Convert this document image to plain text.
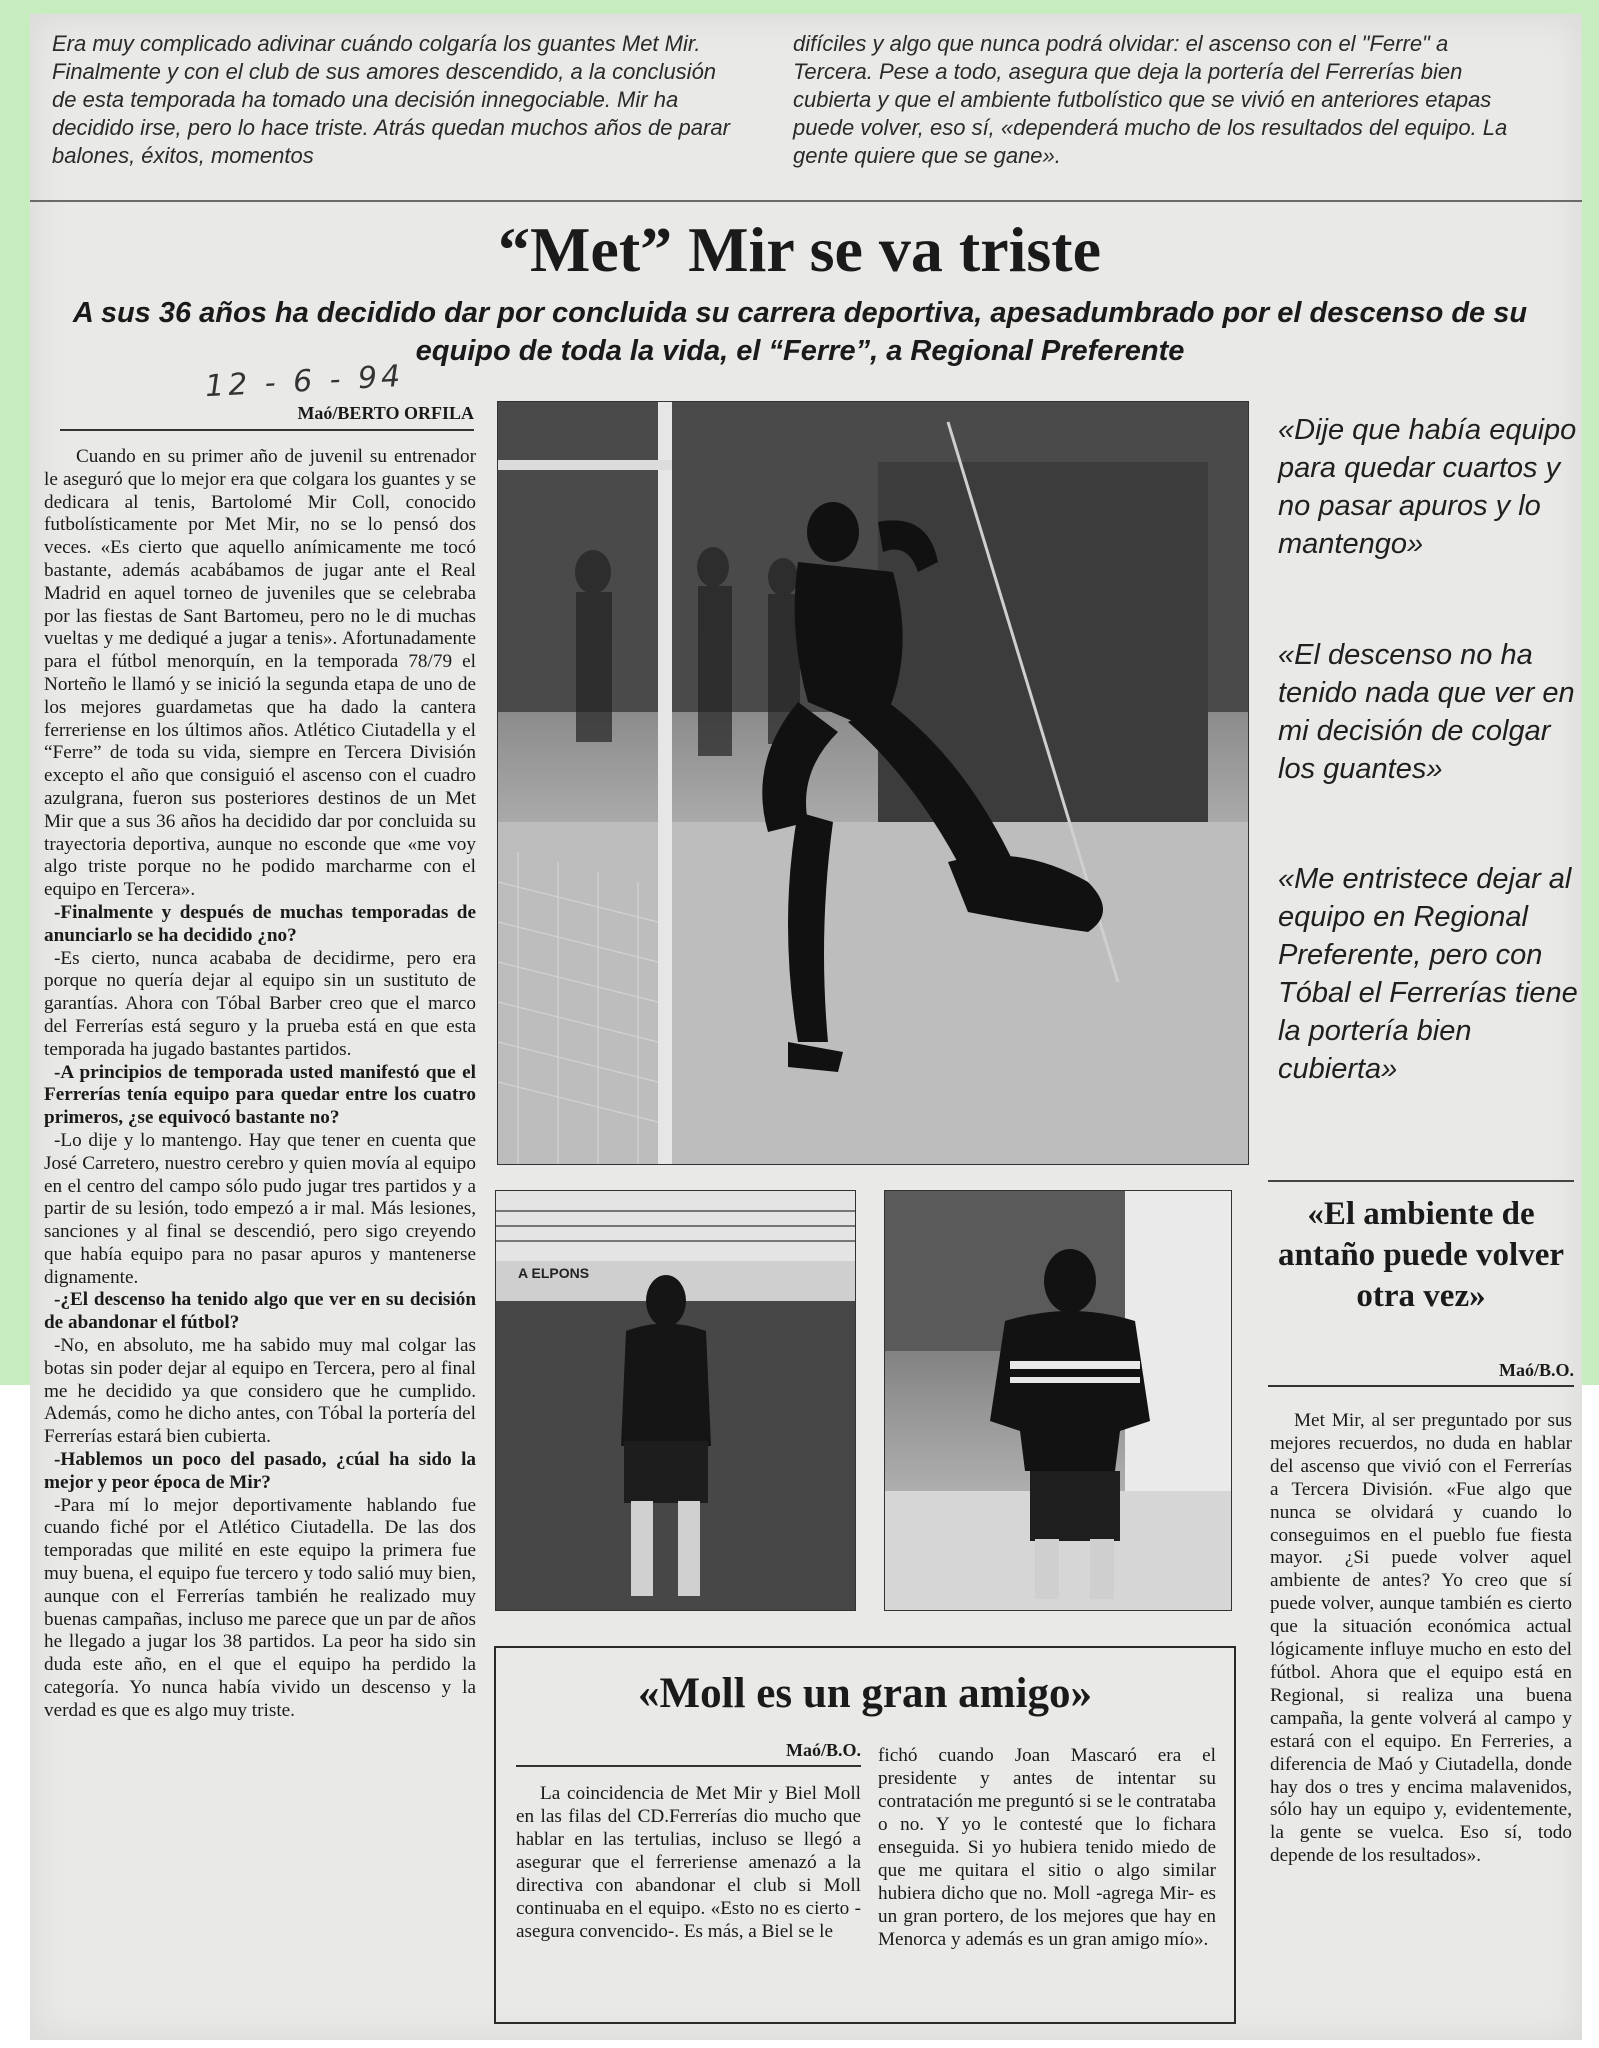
Era muy complicado adivinar cuándo colgaría los guantes Met Mir. Finalmente y con el club de sus amores descendido, a la conclusión de esta temporada ha tomado una decisión innegociable. Mir ha decidido irse, pero lo hace triste. Atrás quedan muchos años de parar balones, éxitos, momentos
difíciles y algo que nunca podrá olvidar: el ascenso con el "Ferre" a Tercera. Pese a todo, asegura que deja la portería del Ferrerías bien cubierta y que el ambiente futbolístico que se vivió en anteriores etapas puede volver, eso sí, «dependerá mucho de los resultados del equipo. La gente quiere que se gane».
“Met” Mir se va triste
A sus 36 años ha decidido dar por concluida su carrera deportiva, apesadumbrado por el descenso de su equipo de toda la vida, el “Ferre”, a Regional Preferente
12 - 6 - 94
Maó/BERTO ORFILA

Cuando en su primer año de juvenil su entrenador le aseguró que lo mejor era que colgara los guantes y se dedicara al tenis, Bartolomé Mir Coll, conocido futbolísticamente por Met Mir, no se lo pensó dos veces. «Es cierto que aquello anímicamente me tocó bastante, además acabábamos de jugar ante el Real Madrid en aquel torneo de juveniles que se celebraba por las fiestas de Sant Bartomeu, pero no le di muchas vueltas y me dediqué a jugar a tenis». Afortunadamente para el fútbol menorquín, en la temporada 78/79 el Norteño le llamó y se inició la segunda etapa de uno de los mejores guardametas que ha dado la cantera ferreriense en los últimos años. Atlético Ciutadella y el “Ferre” de toda su vida, siempre en Tercera División excepto el año que consiguió el ascenso con el cuadro azulgrana, fueron sus posteriores destinos de un Met Mir que a sus 36 años ha decidido dar por concluida su trayectoria deportiva, aunque no esconde que «me voy algo triste porque no he podido marcharme con el equipo en Tercera».

-Finalmente y después de muchas temporadas de anunciarlo se ha decidido ¿no?

-Es cierto, nunca acababa de decidirme, pero era porque no quería dejar al equipo sin un sustituto de garantías. Ahora con Tóbal Barber creo que el marco del Ferrerías está seguro y la prueba está en que esta temporada ha jugado bastantes partidos.

-A principios de temporada usted manifestó que el Ferrerías tenía equipo para quedar entre los cuatro primeros, ¿se equivocó bastante no?

-Lo dije y lo mantengo. Hay que tener en cuenta que José Carretero, nuestro cerebro y quien movía al equipo en el centro del campo sólo pudo jugar tres partidos y a partir de su lesión, todo empezó a ir mal. Más lesiones, sanciones y al final se descendió, pero sigo creyendo que había equipo para no pasar apuros y mantenerse dignamente.

-¿El descenso ha tenido algo que ver en su decisión de abandonar el fútbol?

-No, en absoluto, me ha sabido muy mal colgar las botas sin poder dejar al equipo en Tercera, pero al final me he decidido ya que considero que he cumplido. Además, como he dicho antes, con Tóbal la portería del Ferrerías estará bien cubierta.

-Hablemos un poco del pasado, ¿cúal ha sido la mejor y peor época de Mir?

-Para mí lo mejor deportivamente hablando fue cuando fiché por el Atlético Ciutadella. De las dos temporadas que milité en este equipo la primera fue muy buena, el equipo fue tercero y todo salió muy bien, aunque con el Ferrerías también he realizado muy buenas campañas, incluso me parece que un par de años he llegado a jugar los 38 partidos. La peor ha sido sin duda este año, en el que el equipo ha perdido la categoría. Yo nunca había vivido un descenso y la verdad es que es algo muy triste.

A ELPONS
«Dije que había equipo para quedar cuartos y no pasar apuros y lo mantengo»
«El descenso no ha tenido nada que ver en mi decisión de colgar los guantes»
«Me entristece dejar al equipo en Regional Preferente, pero con Tóbal el Ferrerías tiene la portería bien cubierta»
«El ambiente de antaño puede volver otra vez»
Maó/B.O.

Met Mir, al ser preguntado por sus mejores recuerdos, no duda en hablar del ascenso que vivió con el Ferrerías a Tercera División. «Fue algo que nunca se olvidará y cuando lo conseguimos en el pueblo fue fiesta mayor. ¿Si puede volver aquel ambiente de antes? Yo creo que sí puede volver, aunque también es cierto que la situación económica actual lógicamente influye mucho en esto del fútbol. Ahora que el equipo está en Regional, si realiza una buena campaña, la gente volverá al campo y estará con el equipo. En Ferreries, a diferencia de Maó y Ciutadella, donde hay dos o tres y encima malavenidos, sólo hay un equipo y, evidentemente, la gente se vuelca. Eso sí, todo depende de los resultados».

«Moll es un gran amigo»
Maó/B.O.

La coincidencia de Met Mir y Biel Moll en las filas del CD.Ferrerías dio mucho que hablar en las tertulias, incluso se llegó a asegurar que el ferreriense amenazó a la directiva con abandonar el club si Moll continuaba en el equipo. «Esto no es cierto -asegura convencido-. Es más, a Biel se le

fichó cuando Joan Mascaró era el presidente y antes de intentar su contratación me preguntó si se le contrataba o no. Y yo le contesté que lo fichara enseguida. Si yo hubiera tenido miedo de que me quitara el sitio o algo similar hubiera dicho que no. Moll -agrega Mir- es un gran portero, de los mejores que hay en Menorca y además es un gran amigo mío».
